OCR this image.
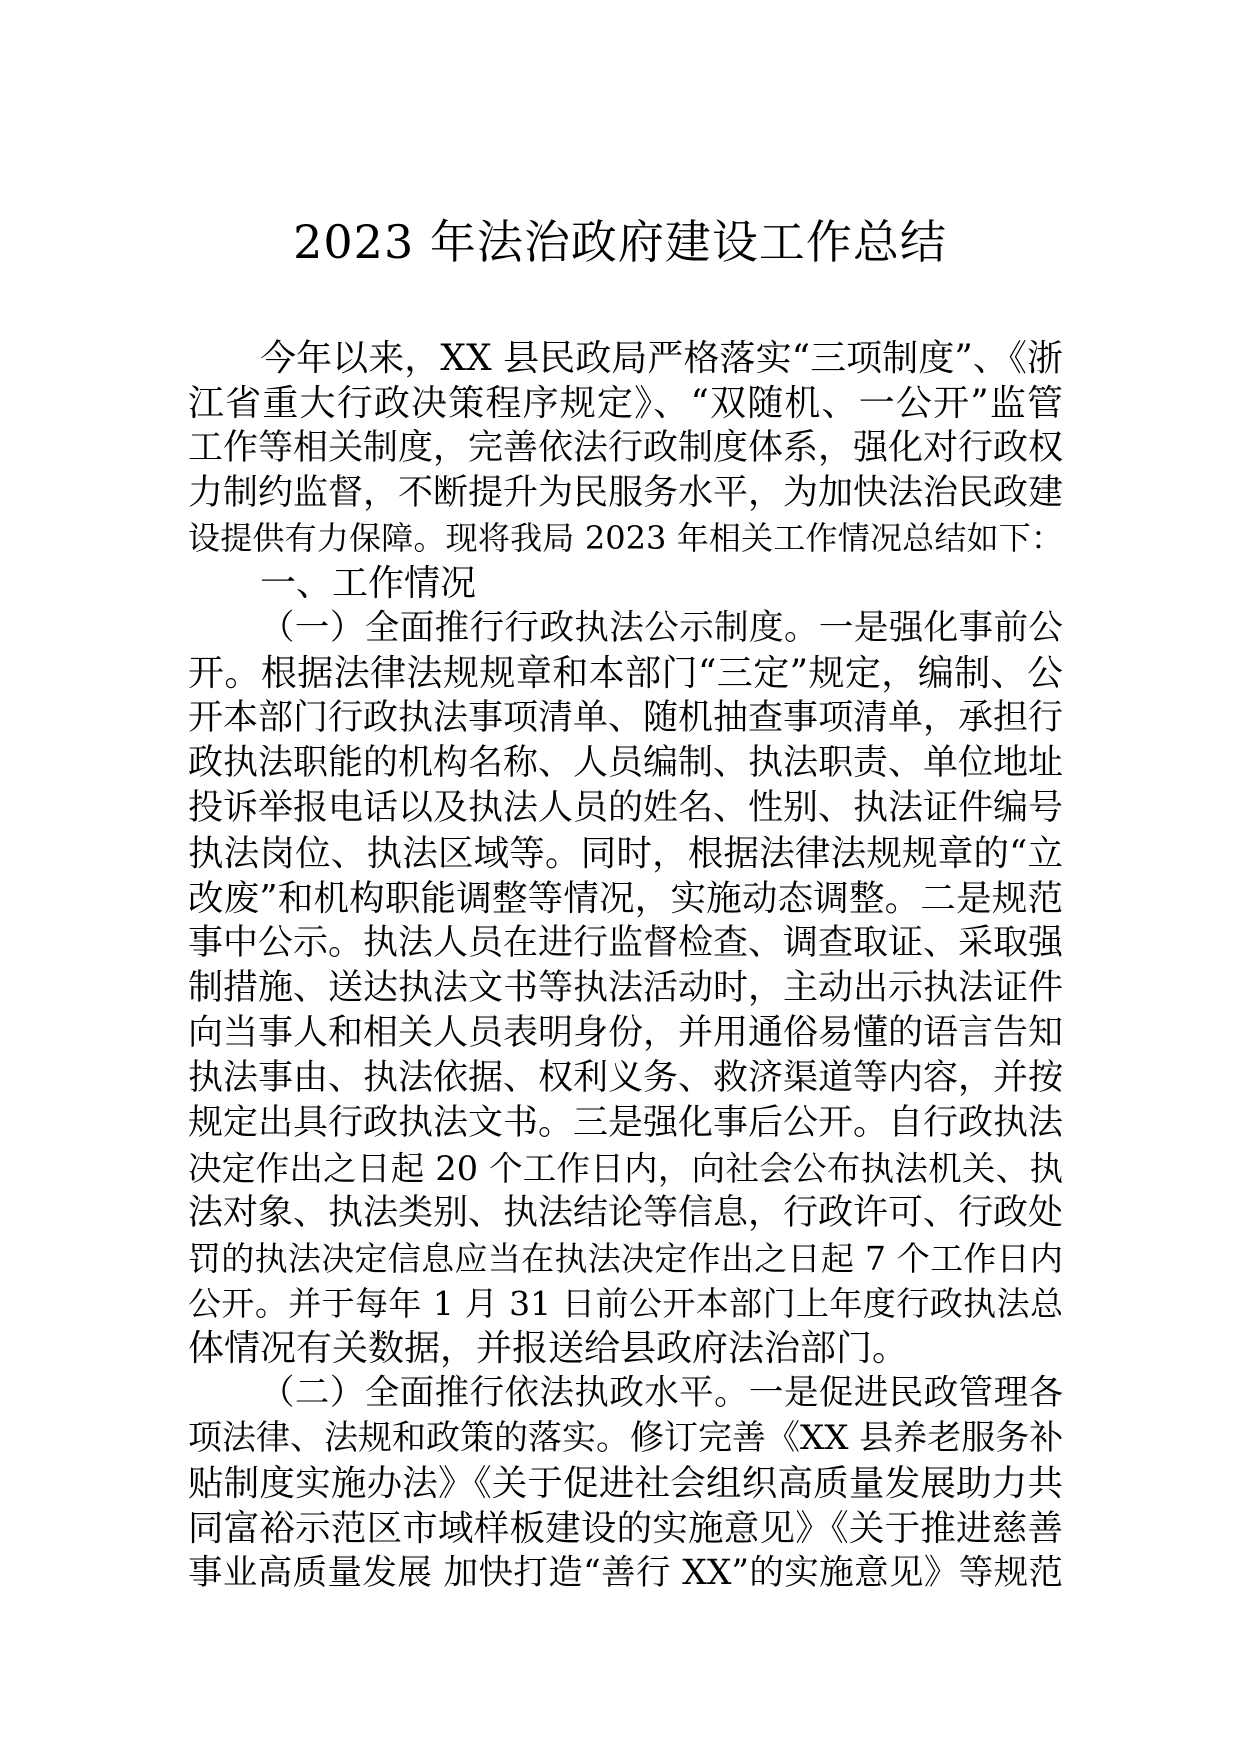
2023 年法治政府建设工作总结
今年以来，XX 县民政局严格落实“三项制度”、《浙
江省重大行政决策程序规定》、“双随机、一公开”监管
工作等相关制度，完善依法行政制度体系，强化对行政权
力制约监督，不断提升为民服务水平，为加快法治民政建
设提供有力保障。现将我局 2023 年相关工作情况总结如下：
一、工作情况
（一）全面推行行政执法公示制度。一是强化事前公
开。根据法律法规规章和本部门“三定”规定，编制、公
开本部门行政执法事项清单、随机抽查事项清单，承担行
政执法职能的机构名称、人员编制、执法职责、单位地址
投诉举报电话以及执法人员的姓名、性别、执法证件编号
执法岗位、执法区域等。同时，根据法律法规规章的“立
改废”和机构职能调整等情况，实施动态调整。二是规范
事中公示。执法人员在进行监督检查、调查取证、采取强
制措施、送达执法文书等执法活动时，主动出示执法证件
向当事人和相关人员表明身份，并用通俗易懂的语言告知
执法事由、执法依据、权利义务、救济渠道等内容，并按
规定出具行政执法文书。三是强化事后公开。自行政执法
决定作出之日起 20 个工作日内，向社会公布执法机关、执
法对象、执法类别、执法结论等信息，行政许可、行政处
罚的执法决定信息应当在执法决定作出之日起 7 个工作日内
公开。并于每年 1 月 31 日前公开本部门上年度行政执法总
体情况有关数据，并报送给县政府法治部门。
（二）全面推行依法执政水平。一是促进民政管理各
项法律、法规和政策的落实。修订完善《XX 县养老服务补
贴制度实施办法》《关于促进社会组织高质量发展助力共
同富裕示范区市域样板建设的实施意见》《关于推进慈善
事业高质量发展 加快打造“善行 XX”的实施意见》等规范
